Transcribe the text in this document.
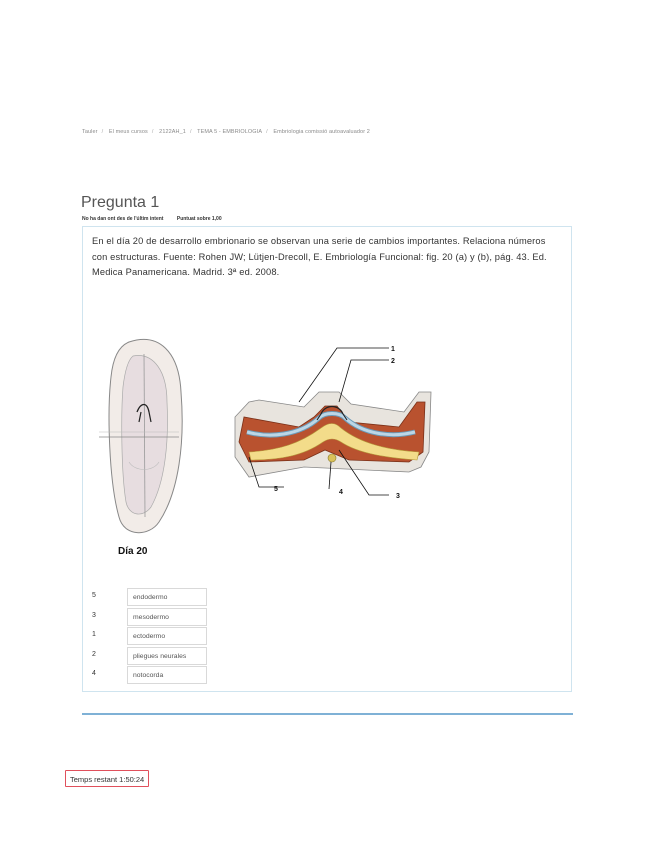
Tauler / El meus cursos / 2122AH_1 / TEMA 5 - EMBRIOLOGIA / Embriologia comissió autoavaluador 2
Pregunta 1
No ha dan ont des de l'últim intent	Puntuat sobre 1,00
En el día 20 de desarrollo embrionario se observan una serie de cambios importantes. Relaciona números con estructuras. Fuente: Rohen JW; Lütjen-Drecoll, E. Embriología Funcional: fig. 20 (a) y (b), pág. 43. Ed. Medica Panamericana. Madrid. 3ª ed. 2008.
1
2
3
4
5
Día 20
5	endodermo
3	mesodermo
1	ectodermo
2	pliegues neurales
4	notocorda
Temps restant 1:50:24
